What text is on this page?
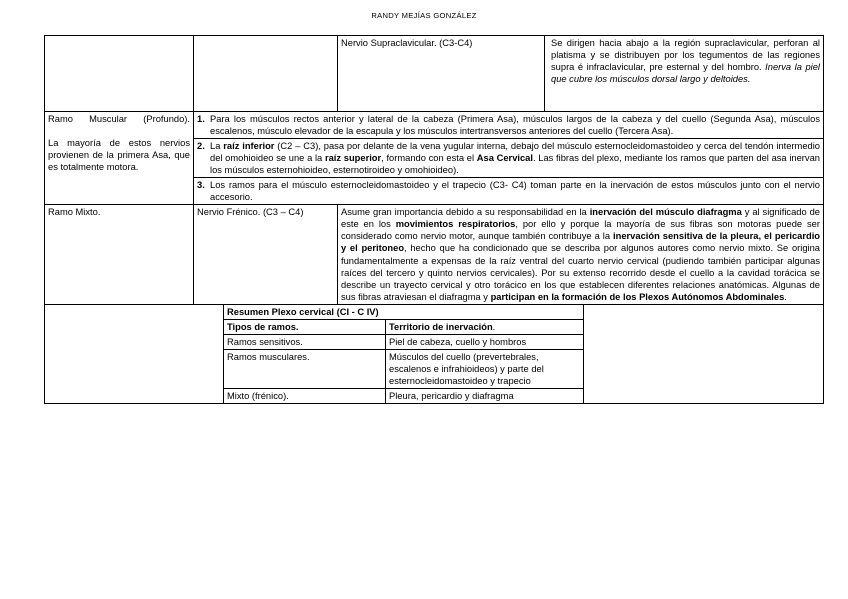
RANDY MEJÍAS GONZÁLEZ
		Nervio Supraclavicular. (C3-C4)	Se dirigen hacia abajo a la región supraclavicular, perforan al platisma y se distribuyen por los tegumentos de las regiones supra é infraclavicular, pre esternal y del hombro. Inerva la piel que cubre los músculos dorsal largo y deltoides.

Ramo Muscular (Profundo).
La mayoría de estos nervios provienen de la primera Asa, que es totalmente motora.

1. Para los músculos rectos anterior y lateral de la cabeza (Primera Asa), músculos largos de la cabeza y del cuello (Segunda Asa), músculos escalenos, músculo elevador de la escapula y los músculos intertransversos anteriores del cuello (Tercera Asa).
2. La raíz inferior (C2 – C3), pasa por delante de la vena yugular interna, debajo del músculo esternocleidomastoideo y cerca del tendón intermedio del omohioideo se une a la raíz superior, formando con esta el Asa Cervical. Las fibras del plexo, mediante los ramos que parten del asa inervan los músculos esternohioideo, esternotiroideo y omohioideo).
3. Los ramos para el músculo esternocleidomastoideo y el trapecio (C3- C4) toman parte en la inervación de estos músculos junto con el nervio accesorio.

Ramo Mixto.	Nervio Frénico. (C3 – C4)	Asume gran importancia debido a su responsabilidad en la inervación del músculo diafragma y al significado de este en los movimientos respiratorios, por ello y porque la mayoría de sus fibras son motoras puede ser considerado como nervio motor, aunque también contribuye a la inervación sensitiva de la pleura, el pericardio y el peritoneo, hecho que ha condicionado que se describa por algunos autores como nervio mixto. Se origina fundamentalmente a expensas de la raíz ventral del cuarto nervio cervical (pudiendo también participar algunas raíces del tercero y quinto nervios cervicales). Por su extenso recorrido desde el cuello a la cavidad torácica se describe un trayecto cervical y otro torácico en los que establecen diferentes relaciones anatómicas. Algunas de sus fibras atraviesan el diafragma y participan en la formación de los Plexos Autónomos Abdominales.

Resumen Plexo cervical (CI - C IV)
Tipos de ramos.	Territorio de inervación.
Ramos sensitivos.	Piel de cabeza, cuello y hombros
Ramos musculares.	Músculos del cuello (prevertebrales, escalenos e infrahioideos) y parte del esternocleidomastoideo y trapecio
Mixto (frénico).	Pleura, pericardio y diafragma
